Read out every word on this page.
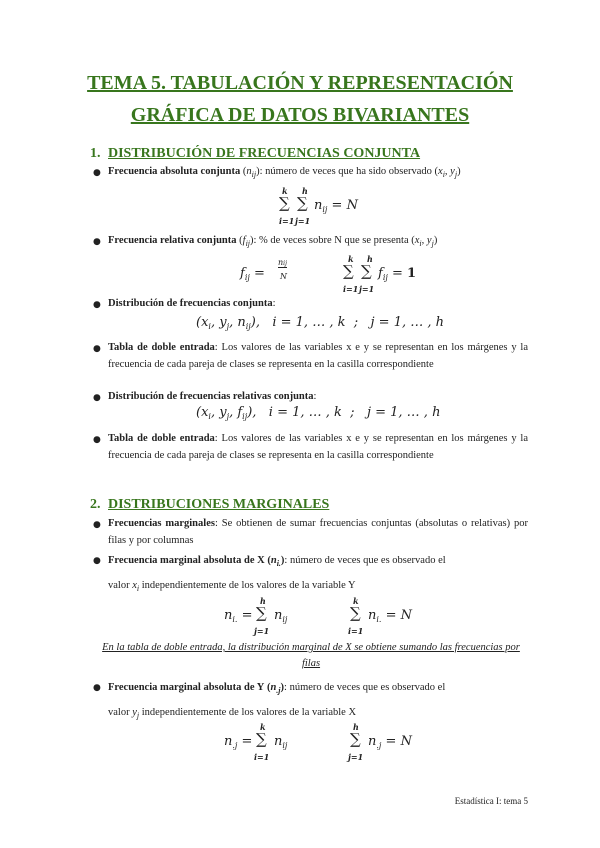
TEMA 5. TABULACIÓN Y REPRESENTACIÓN
GRÁFICA DE DATOS BIVARIANTES
1. DISTRIBUCIÓN DE FRECUENCIAS CONJUNTA
● Frecuencia absoluta conjunta $(n_{ij})$: número de veces que ha sido observado ($x_i$, $y_j$)
k h
∑ ∑
i=1 j=1
$n_{ij} = N$
● Frecuencia relativa conjunta $(f_{ij})$: % de veces sobre N que se presenta ($x_i$, $y_j$)
$f_{ij}$ =
nij
N
k h
∑ ∑
i=1 j=1
$f_{ij} = 1$
● Distribución de frecuencias conjunta:
($x_i$, $y_j$, $n_{ij}$),   i = 1, … , k  ;   j = 1, … , h
● Tabla de doble entrada: Los valores de las variables x e y se representan en los márgenes y la frecuencia de cada pareja de clases se representa en la casilla correspondiente
● Distribución de frecuencias relativas conjunta:
($x_i$, $y_j$, $f_{ij}$),   i = 1, … , k  ;   j = 1, … , h
● Tabla de doble entrada: Los valores de las variables x e y se representan en los márgenes y la frecuencia de cada pareja de clases se representa en la casilla correspondiente
2. DISTRIBUCIONES MARGINALES
● Frecuencias marginales: Se obtienen de sumar frecuencias conjuntas (absolutas o relativas) por filas y por columnas
● Frecuencia marginal absoluta de X $(n_{i.})$: número de veces que es observado el
valor $x_i$ independientemente de los valores de la variable Y
$n_{i.}$ =
h
∑
j=1
$n_{ij}$
k
∑
i=1
$n_{i.} = N$
En la tabla de doble entrada, la distribución marginal de X se obtiene sumando las frecuencias por filas
● Frecuencia marginal absoluta de Y $(n_{.j})$: número de veces que es observado el
valor $y_j$ independientemente de los valores de la variable X
$n_{.j}$ =
k
∑
i=1
$n_{ij}$
h
∑
j=1
$n_{.j} = N$
Estadística I: tema 5
